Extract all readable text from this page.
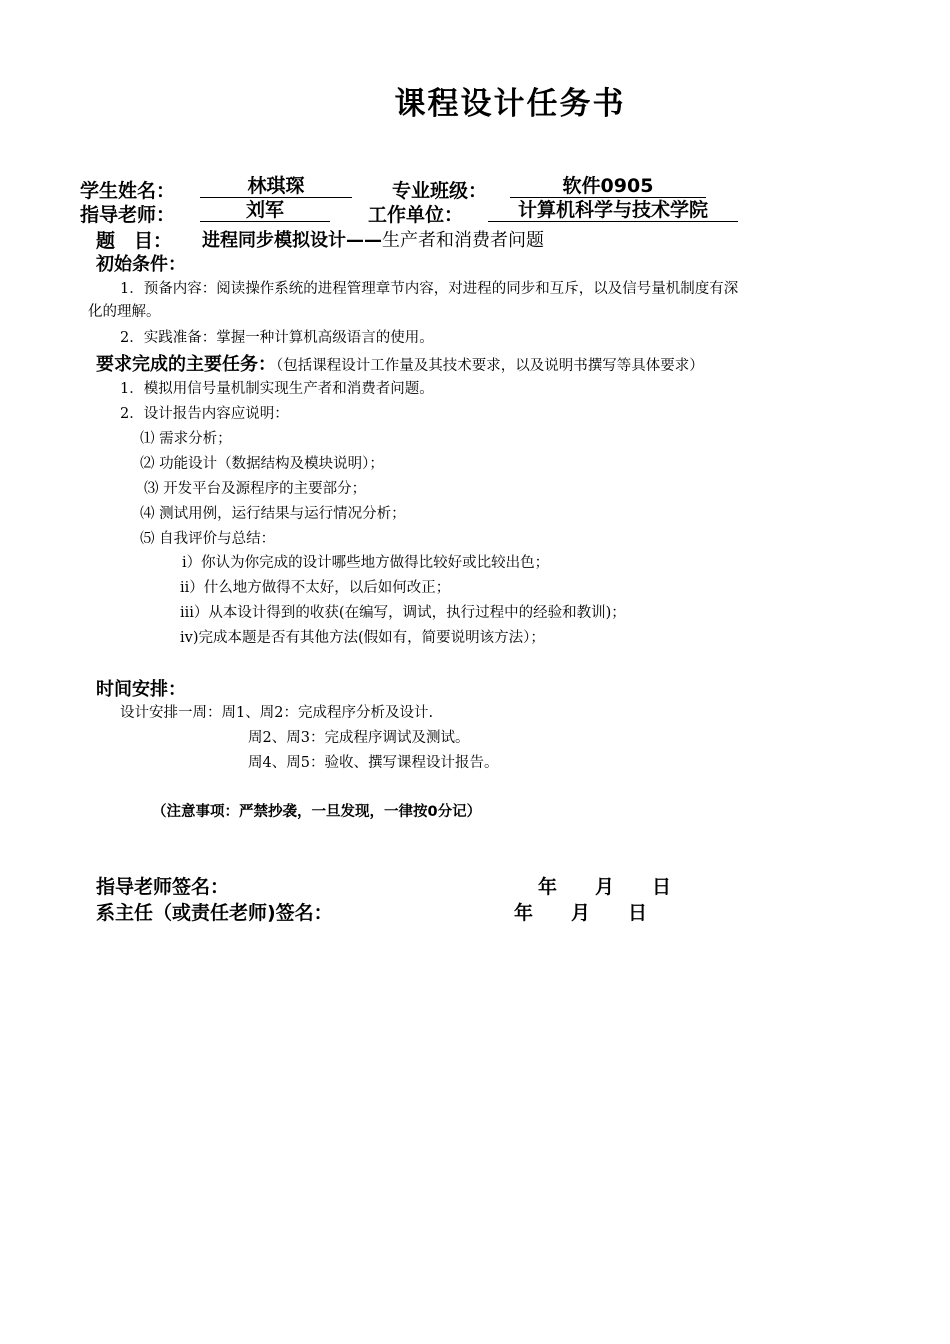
课程设计任务书
学生姓名：	林琪琛	专业班级：	软件0905
指导老师：	刘军	工作单位：	计算机科学与技术学院
题　目： 进程同步模拟设计——生产者和消费者问题
初始条件：
1．预备内容：阅读操作系统的进程管理章节内容，对进程的同步和互斥，以及信号量机制度有深
化的理解。
2．实践准备：掌握一种计算机高级语言的使用。
要求完成的主要任务：（包括课程设计工作量及其技术要求，以及说明书撰写等具体要求）
1．模拟用信号量机制实现生产者和消费者问题。
2．设计报告内容应说明：
⑴ 需求分析；
⑵ 功能设计（数据结构及模块说明）；
⑶ 开发平台及源程序的主要部分；
⑷ 测试用例，运行结果与运行情况分析；
⑸ 自我评价与总结：
i）你认为你完成的设计哪些地方做得比较好或比较出色；
ii）什么地方做得不太好，以后如何改正；
iii）从本设计得到的收获(在编写，调试，执行过程中的经验和教训)；
iv)完成本题是否有其他方法(假如有，简要说明该方法）；
时间安排：
设计安排一周：周1、周2：完成程序分析及设计.
周2、周3：完成程序调试及测试。
周4、周5：验收、撰写课程设计报告。
（注意事项：严禁抄袭，一旦发现，一律按0分记）
指导老师签名：	年　　月　　日
系主任（或责任老师)签名：	年　　月　　日
